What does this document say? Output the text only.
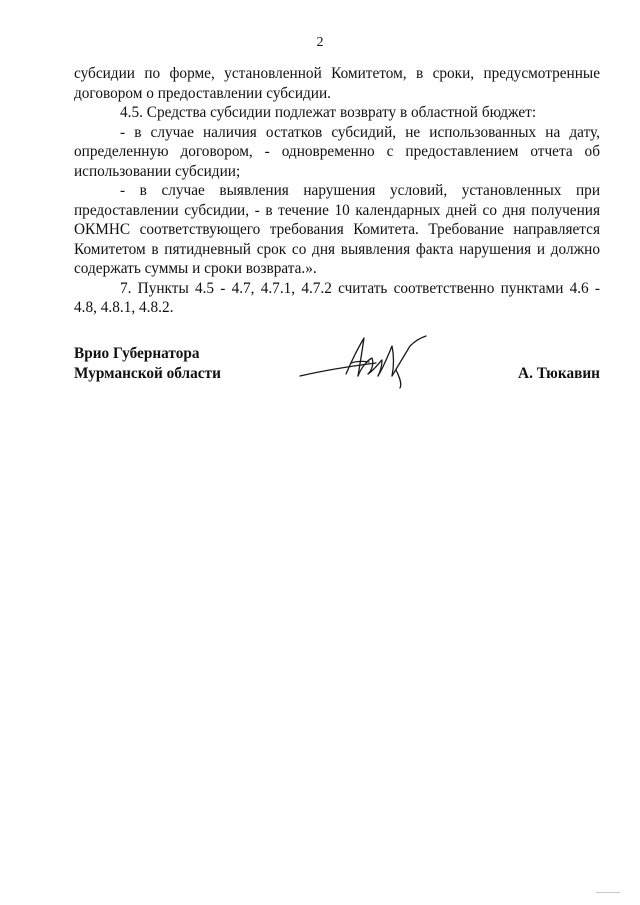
2

субсидии по форме, установленной Комитетом, в сроки, предусмотренные договором о предоставлении субсидии.

4.5. Средства субсидии подлежат возврату в областной бюджет:

- в случае наличия остатков субсидий, не использованных на дату, определенную договором, - одновременно с предоставлением отчета об использовании субсидии;

- в случае выявления нарушения условий, установленных при предоставлении субсидии, - в течение 10 календарных дней со дня получения ОКМНС соответствующего требования Комитета. Требование направляется Комитетом в пятидневный срок со дня выявления факта нарушения и должно содержать суммы и сроки возврата.».

7. Пункты 4.5 - 4.7, 4.7.1, 4.7.2 считать соответственно пунктами 4.6 - 4.8, 4.8.1, 4.8.2.

Врио Губернатора
Мурманской области	А. Тюкавин
